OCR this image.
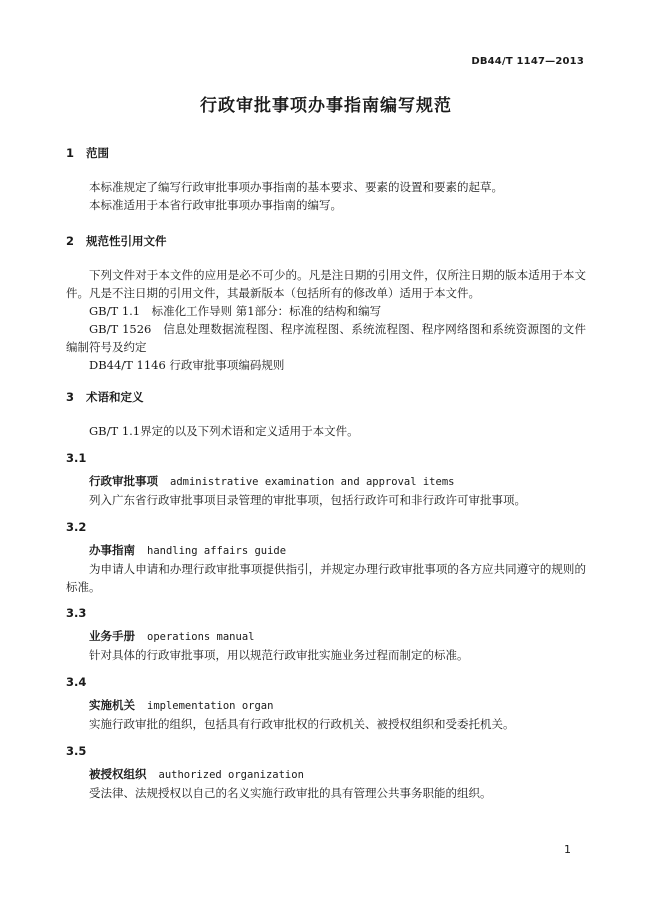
DB44/T 1147—2013
行政审批事项办事指南编写规范
1 范围

本标准规定了编写行政审批事项办事指南的基本要求、要素的设置和要素的起草。

本标准适用于本省行政审批事项办事指南的编写。

2 规范性引用文件

下列文件对于本文件的应用是必不可少的。凡是注日期的引用文件，仅所注日期的版本适用于本文件。凡是不注日期的引用文件，其最新版本（包括所有的修改单）适用于本文件。

GB/T 1.1　标准化工作导则 第1部分：标准的结构和编写

GB/T 1526　信息处理数据流程图、程序流程图、系统流程图、程序网络图和系统资源图的文件编制符号及约定

DB44/T 1146 行政审批事项编码规则

3 术语和定义

GB/T 1.1界定的以及下列术语和定义适用于本文件。

3.1
行政审批事项 administrative examination and approval items

列入广东省行政审批事项目录管理的审批事项，包括行政许可和非行政许可审批事项。

3.2
办事指南 handling affairs guide

为申请人申请和办理行政审批事项提供指引，并规定办理行政审批事项的各方应共同遵守的规则的标准。

3.3
业务手册 operations manual

针对具体的行政审批事项，用以规范行政审批实施业务过程而制定的标准。

3.4
实施机关 implementation organ

实施行政审批的组织，包括具有行政审批权的行政机关、被授权组织和受委托机关。

3.5
被授权组织 authorized organization

受法律、法规授权以自己的名义实施行政审批的具有管理公共事务职能的组织。

1
